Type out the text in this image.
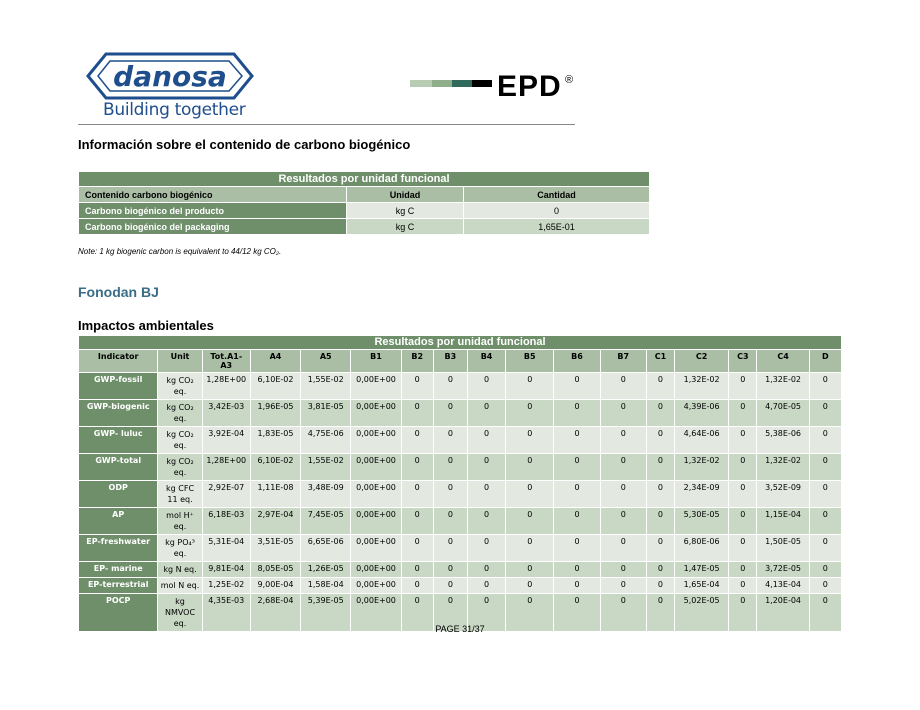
danosa
Building together
EPD ®
Información sobre el contenido de carbono biogénico
Resultados por unidad funcional		
Contenido carbono biogénico	Unidad	Cantidad
Carbono biogénico del producto	kg C	0
Carbono biogénico del packaging	kg C	1,65E-01
Note: 1 kg biogenic carbon is equivalent to 44/12 kg CO₂.
Fonodan BJ
Impactos ambientales
Resultados por unidad funcional																
Indicator	Unit	Tot.A1-A3	A4	A5	B1	B2	B3	B4	B5	B6	B7	C1	C2	C3	C4	D
GWP-fossil	kg CO₂ eq.	1,28E+00	6,10E-02	1,55E-02	0,00E+00	0	0	0	0	0	0	0	1,32E-02	0	1,32E-02	0
GWP-biogenic	kg CO₂ eq.	3,42E-03	1,96E-05	3,81E-05	0,00E+00	0	0	0	0	0	0	0	4,39E-06	0	4,70E-05	0
GWP- luluc	kg CO₂ eq.	3,92E-04	1,83E-05	4,75E-06	0,00E+00	0	0	0	0	0	0	0	4,64E-06	0	5,38E-06	0
GWP-total	kg CO₂ eq.	1,28E+00	6,10E-02	1,55E-02	0,00E+00	0	0	0	0	0	0	0	1,32E-02	0	1,32E-02	0
ODP	kg CFC 11 eq.	2,92E-07	1,11E-08	3,48E-09	0,00E+00	0	0	0	0	0	0	0	2,34E-09	0	3,52E-09	0
AP	mol H⁺ eq.	6,18E-03	2,97E-04	7,45E-05	0,00E+00	0	0	0	0	0	0	0	5,30E-05	0	1,15E-04	0
EP-freshwater	kg PO₄³ eq.	5,31E-04	3,51E-05	6,65E-06	0,00E+00	0	0	0	0	0	0	0	6,80E-06	0	1,50E-05	0
EP- marine	kg N eq.	9,81E-04	8,05E-05	1,26E-05	0,00E+00	0	0	0	0	0	0	0	1,47E-05	0	3,72E-05	0
EP-terrestrial	mol N eq.	1,25E-02	9,00E-04	1,58E-04	0,00E+00	0	0	0	0	0	0	0	1,65E-04	0	4,13E-04	0
POCP	kg NMVOC eq.	4,35E-03	2,68E-04	5,39E-05	0,00E+00	0	0	0	0	0	0	0	5,02E-05	0	1,20E-04	0
PAGE 31/37
